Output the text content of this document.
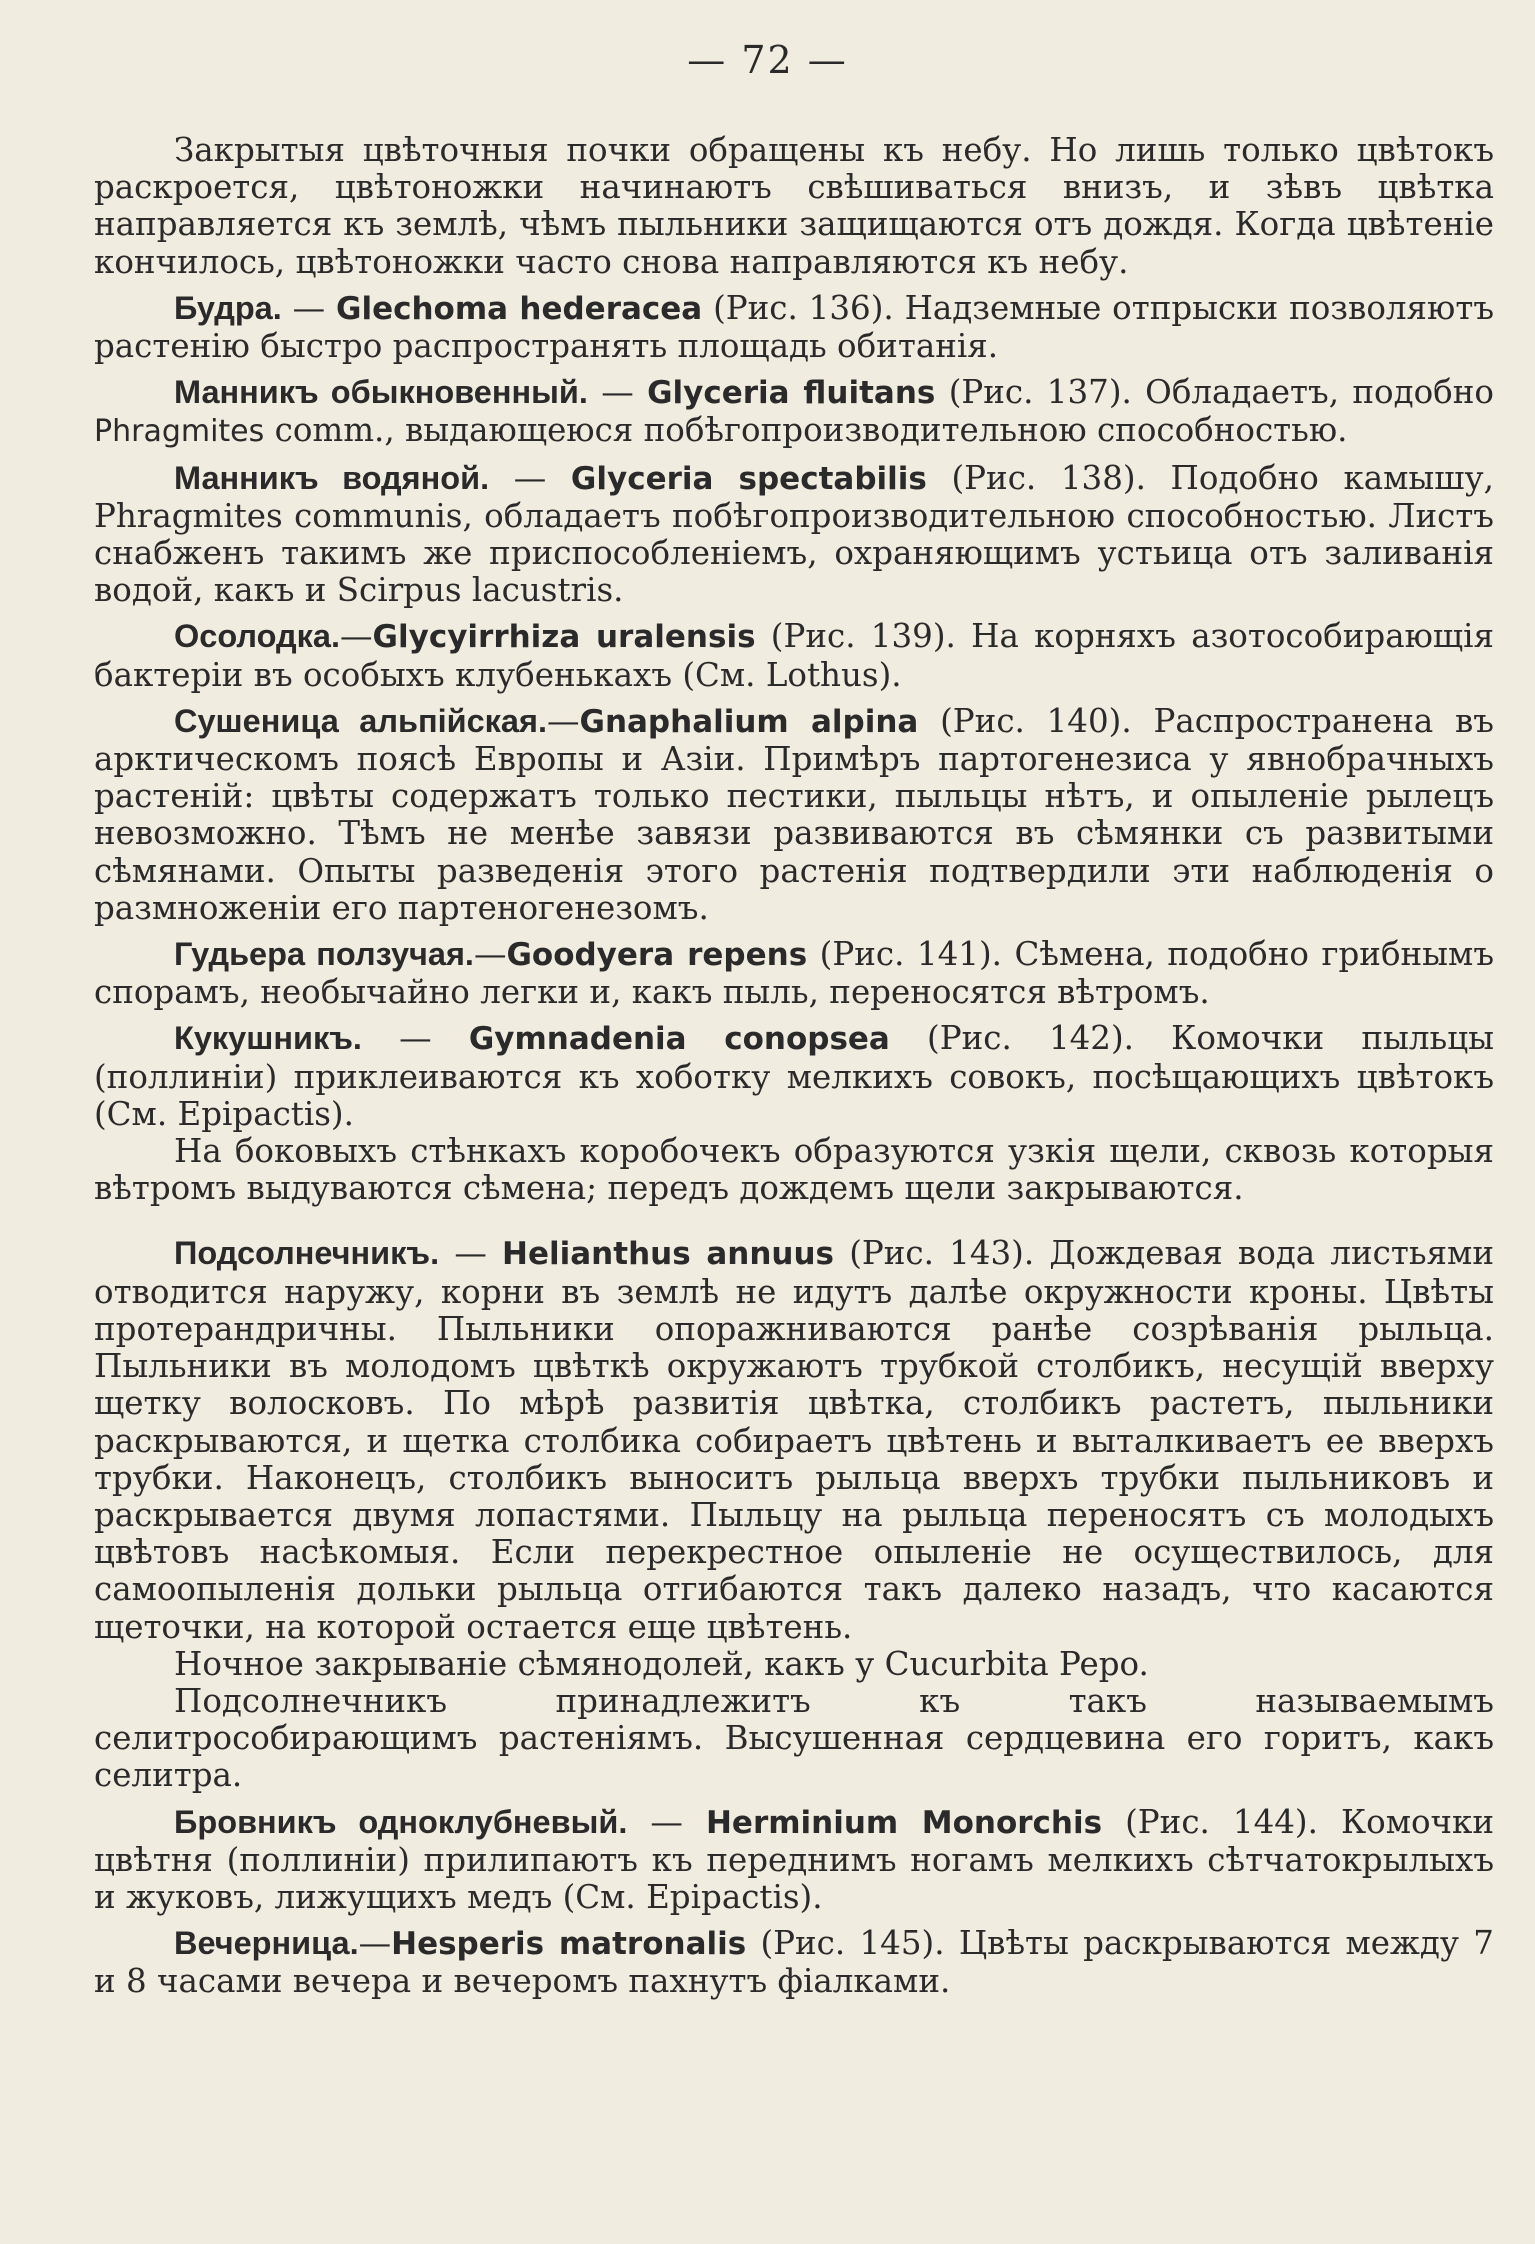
— 72 —

Закрытыя цвѣточныя почки обращены къ небу. Но лишь только цвѣтокъ раскроется, цвѣтоножки начинаютъ свѣшиваться внизъ, и зѣвъ цвѣтка направляется къ землѣ, чѣмъ пыльники защищаются отъ дождя. Когда цвѣтеніе кончилось, цвѣтоножки часто снова направляются къ небу.

Будра. — Glechoma hederacea (Рис. 136). Надземные отпрыски позволяютъ растенію быстро распространять площадь обитанія.

Манникъ обыкновенный. — Glyceria fluitans (Рис. 137). Обладаетъ, подобно Phragmites comm., выдающеюся побѣгопроизводительною способностью.

Манникъ водяной. — Glyceria spectabilis (Рис. 138). Подобно камышу, Phragmites communis, обладаетъ побѣгопроизводительною способностью. Листъ снабженъ такимъ же приспособленіемъ, охраняющимъ устьица отъ заливанія водой, какъ и Scirpus lacustris.

Осолодка.—Glycyirrhiza uralensis (Рис. 139). На корняхъ азотособирающія бактеріи въ особыхъ клубенькахъ (См. Lothus).

Сушеница альпійская.—Gnaphalium alpina (Рис. 140). Распространена въ арктическомъ поясѣ Европы и Азіи. Примѣръ партогенезиса у явнобрачныхъ растеній: цвѣты содержатъ только пестики, пыльцы нѣтъ, и опыленіе рылецъ невозможно. Тѣмъ не менѣе завязи развиваются въ сѣмянки съ развитыми сѣмянами. Опыты разведенія этого растенія подтвердили эти наблюденія о размноженіи его партеногенезомъ.

Гудьера ползучая.—Goodyera repens (Рис. 141). Сѣмена, подобно грибнымъ спорамъ, необычайно легки и, какъ пыль, переносятся вѣтромъ.

Кукушникъ. — Gymnadenia conopsea (Рис. 142). Комочки пыльцы (поллиніи) приклеиваются къ хоботку мелкихъ совокъ, посѣщающихъ цвѣтокъ (См. Epipactis).

На боковыхъ стѣнкахъ коробочекъ образуются узкія щели, сквозь которыя вѣтромъ выдуваются сѣмена; передъ дождемъ щели закрываются.

Подсолнечникъ. — Helianthus annuus (Рис. 143). Дождевая вода листьями отводится наружу, корни въ землѣ не идутъ далѣе окружности кроны. Цвѣты протерандричны. Пыльники опоражниваются ранѣе созрѣванія рыльца. Пыльники въ молодомъ цвѣткѣ окружаютъ трубкой столбикъ, несущій вверху щетку волосковъ. По мѣрѣ развитія цвѣтка, столбикъ растетъ, пыльники раскрываются, и щетка столбика собираетъ цвѣтень и выталкиваетъ ее вверхъ трубки. Наконецъ, столбикъ выноситъ рыльца вверхъ трубки пыльниковъ и раскрывается двумя лопастями. Пыльцу на рыльца переносятъ съ молодыхъ цвѣтовъ насѣкомыя. Если перекрестное опыленіе не осуществилось, для самоопыленія дольки рыльца отгибаются такъ далеко назадъ, что касаются щеточки, на которой остается еще цвѣтень.

Ночное закрываніе сѣмянодолей, какъ у Cucurbita Pepo.

Подсолнечникъ принадлежитъ къ такъ называемымъ селитрособирающимъ растеніямъ. Высушенная сердцевина его горитъ, какъ селитра.

Бровникъ одноклубневый. — Herminium Monorchis (Рис. 144). Комочки цвѣтня (поллиніи) прилипаютъ къ переднимъ ногамъ мелкихъ сѣтчатокрылыхъ и жуковъ, лижущихъ медъ (См. Epipactis).

Вечерница.—Hesperis matronalis (Рис. 145). Цвѣты раскрываются между 7 и 8 часами вечера и вечеромъ пахнутъ фіалками.
